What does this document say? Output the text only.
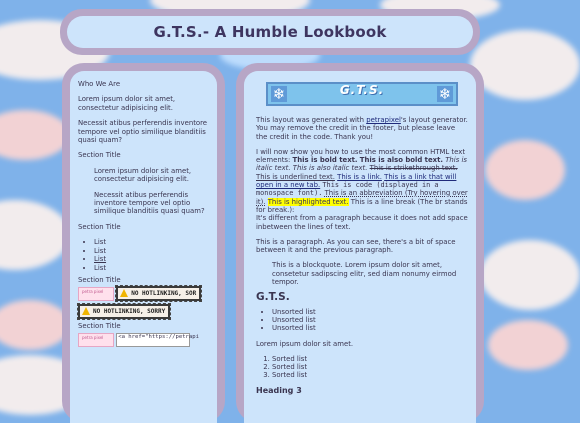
G.T.S.- A Humble Lookbook

Who We Are

Lorem ipsum dolor sit amet, consectetur adipisicing elit.

Necessit atibus perferendis inventore tempore vel optio similique blanditiis quasi quam?

Section Title

Lorem ipsum dolor sit amet, consectetur adipisicing elit.

Necessit atibus perferendis inventore tempore vel optio similique blanditiis quasi quam?

Section Title
• List
• List
• List
• List
Section Title
petra pixel	NO HOTLINKING, SOR
NO HOTLINKING, SORRY
Section Title
petra pixel	<a href="https://petrapi
❄	G.T.S.	❄

This layout was generated with petrapixel's layout generator. You may remove the credit in the footer, but please leave the credit in the code. Thank you!

I will now show you how to use the most common HTML text elements: This is bold text. This is also bold text. This is italic text. This is also italic text. This is strikethrough text. This is underlined text. This is a link. This is a link that will open in a new tab. This is code (displayed in a monospace font). This is an abbreviation (Try hovering over it). This is highlighted text. This is a line break (The br stands for break.):
It's different from a paragraph because it does not add space inbetween the lines of text.

This is a paragraph. As you can see, there's a bit of space between it and the previous paragraph.

This is a blockquote. Lorem ipsum dolor sit amet, consetetur sadipscing elitr, sed diam nonumy eirmod tempor.
G.T.S.
• Unsorted list
• Unsorted list
• Unsorted list

Lorem ipsum dolor sit amet.

1. Sorted list
2. Sorted list
3. Sorted list
Heading 3
